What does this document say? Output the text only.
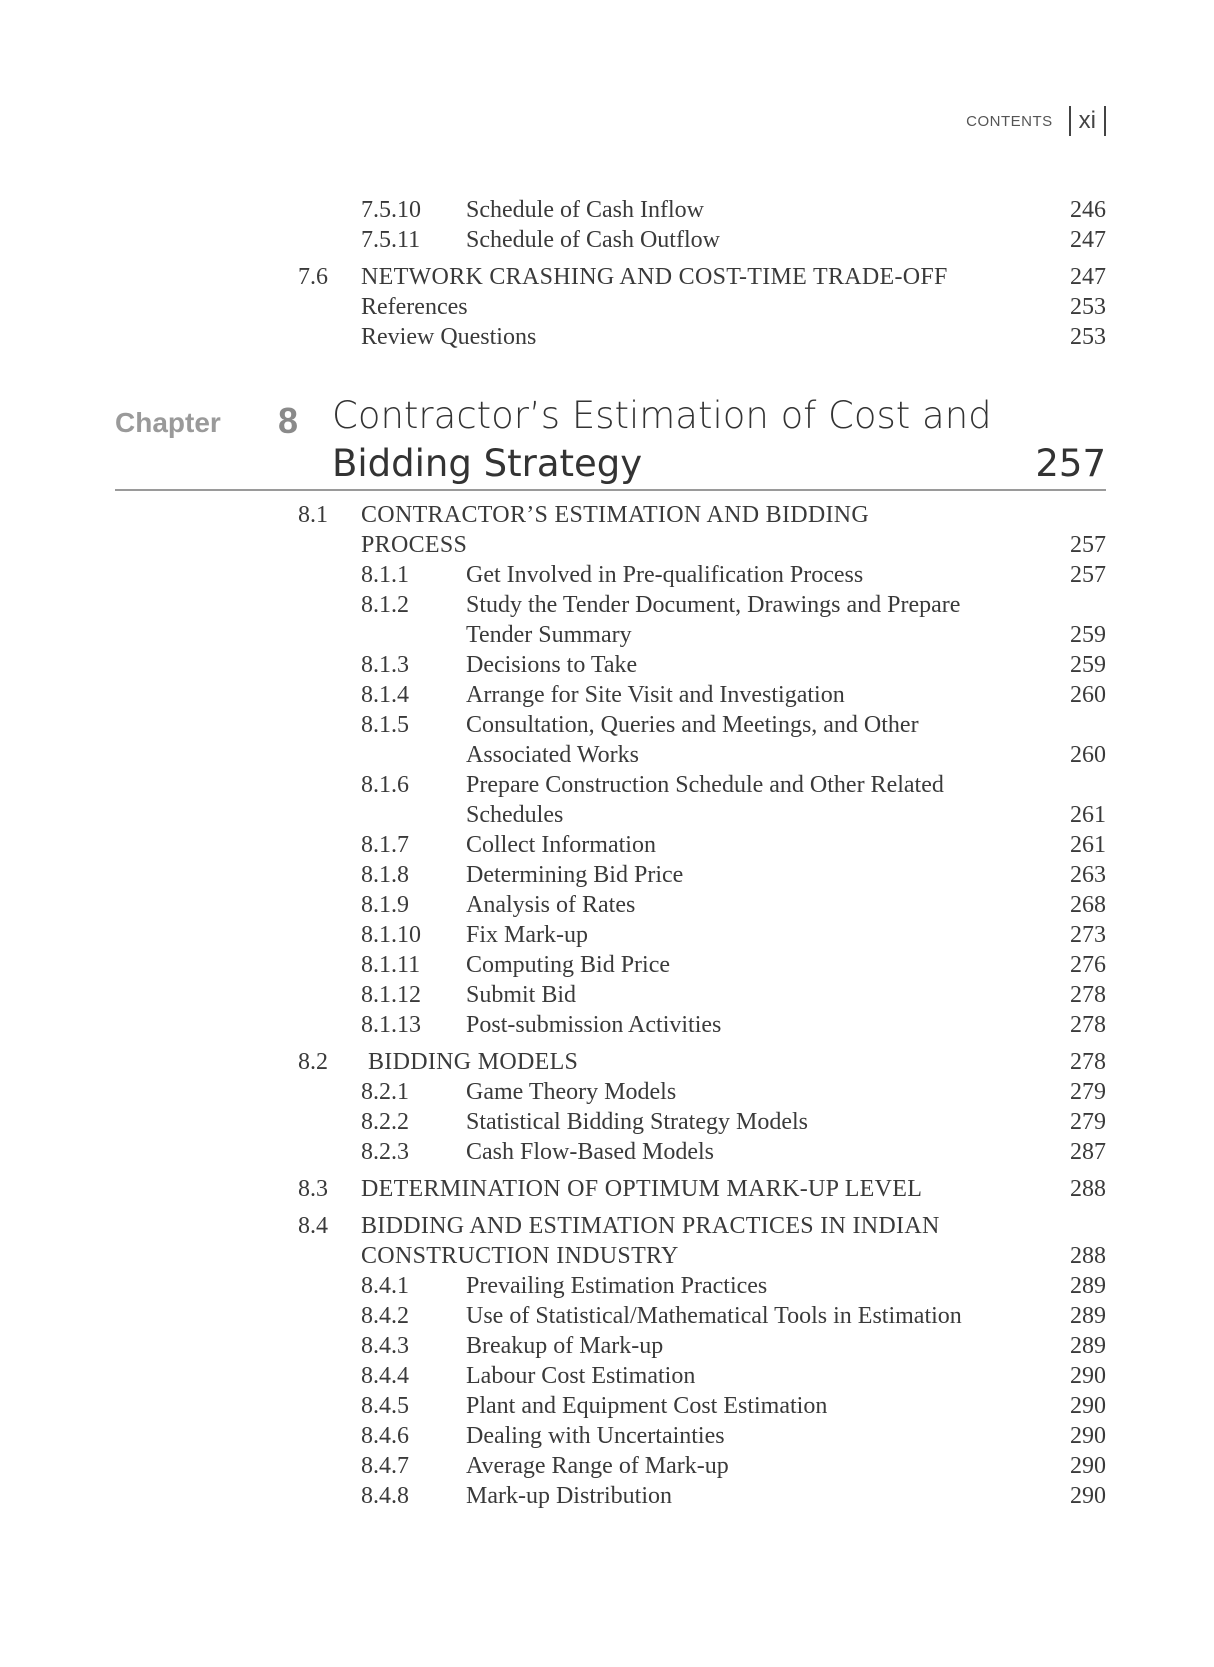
CONTENTS	xi
7.5.10 Schedule of Cash Inflow	246
7.5.11 Schedule of Cash Outflow	247
7.6 NETWORK CRASHING AND COST-TIME TRADE-OFF	247
References	253
Review Questions	253
Chapter 8 Contractor’s Estimation of Cost and
Bidding Strategy	257
8.1 CONTRACTOR’S ESTIMATION AND BIDDING
PROCESS	257
8.1.1 Get Involved in Pre-qualification Process	257
8.1.2 Study the Tender Document, Drawings and Prepare
Tender Summary	259
8.1.3 Decisions to Take	259
8.1.4 Arrange for Site Visit and Investigation	260
8.1.5 Consultation, Queries and Meetings, and Other
Associated Works	260
8.1.6 Prepare Construction Schedule and Other Related
Schedules	261
8.1.7 Collect Information	261
8.1.8 Determining Bid Price	263
8.1.9 Analysis of Rates	268
8.1.10 Fix Mark-up	273
8.1.11 Computing Bid Price	276
8.1.12 Submit Bid	278
8.1.13 Post-submission Activities	278
8.2 BIDDING MODELS	278
8.2.1 Game Theory Models	279
8.2.2 Statistical Bidding Strategy Models	279
8.2.3 Cash Flow-Based Models	287
8.3 DETERMINATION OF OPTIMUM MARK-UP LEVEL	288
8.4 BIDDING AND ESTIMATION PRACTICES IN INDIAN
CONSTRUCTION INDUSTRY	288
8.4.1 Prevailing Estimation Practices	289
8.4.2 Use of Statistical/Mathematical Tools in Estimation	289
8.4.3 Breakup of Mark-up	289
8.4.4 Labour Cost Estimation	290
8.4.5 Plant and Equipment Cost Estimation	290
8.4.6 Dealing with Uncertainties	290
8.4.7 Average Range of Mark-up	290
8.4.8 Mark-up Distribution	290
